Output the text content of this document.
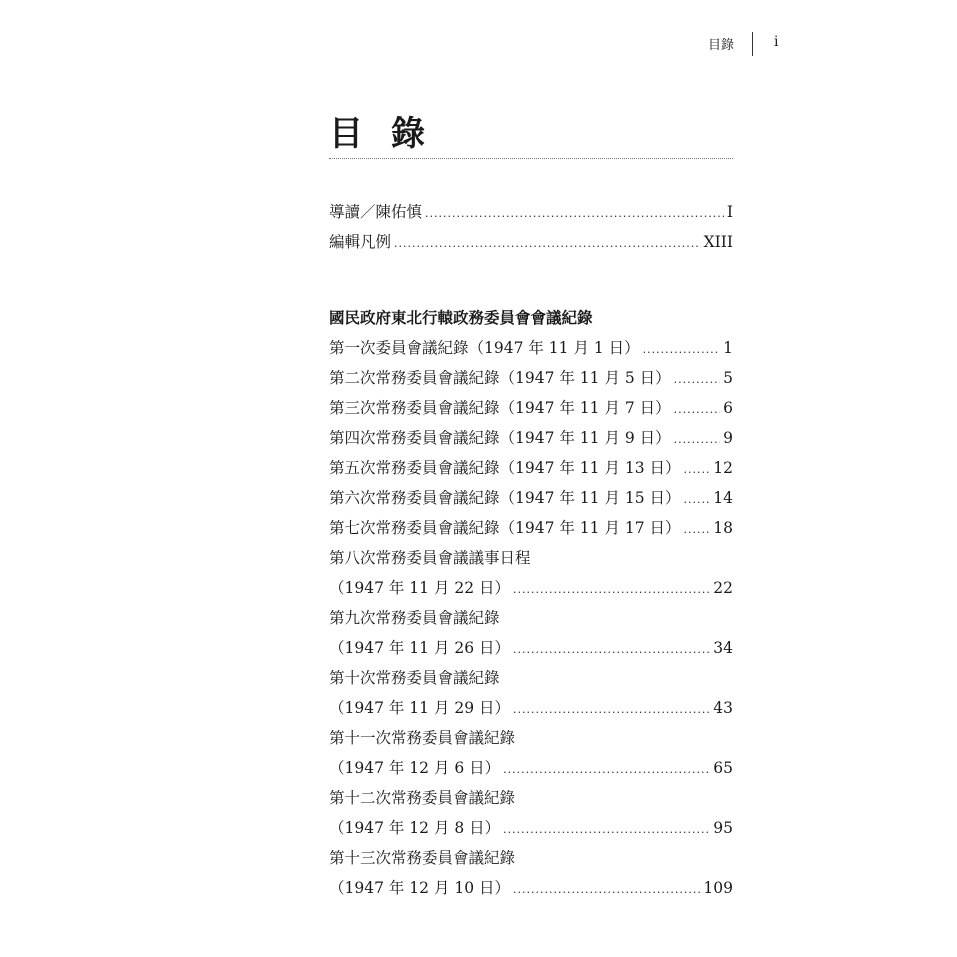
目錄	i
目錄
導讀／陳佑慎 .....	I
編輯凡例 .....	XIII
國民政府東北行轅政務委員會會議紀錄
第一次委員會議紀錄（1947 年 11 月 1 日） .....	1
第二次常務委員會議紀錄（1947 年 11 月 5 日） .....	5
第三次常務委員會議紀錄（1947 年 11 月 7 日） .....	6
第四次常務委員會議紀錄（1947 年 11 月 9 日） .....	9
第五次常務委員會議紀錄（1947 年 11 月 13 日） ..... 12
第六次常務委員會議紀錄（1947 年 11 月 15 日） ..... 14
第七次常務委員會議紀錄（1947 年 11 月 17 日） ..... 18
第八次常務委員會議議事日程
（1947 年 11 月 22 日） .....	22
第九次常務委員會議紀錄
（1947 年 11 月 26 日） .....	34
第十次常務委員會議紀錄
（1947 年 11 月 29 日） .....	43
第十一次常務委員會議紀錄
（1947 年 12 月 6 日） .....	65
第十二次常務委員會議紀錄
（1947 年 12 月 8 日） .....	95
第十三次常務委員會議紀錄
（1947 年 12 月 10 日） .....	109
